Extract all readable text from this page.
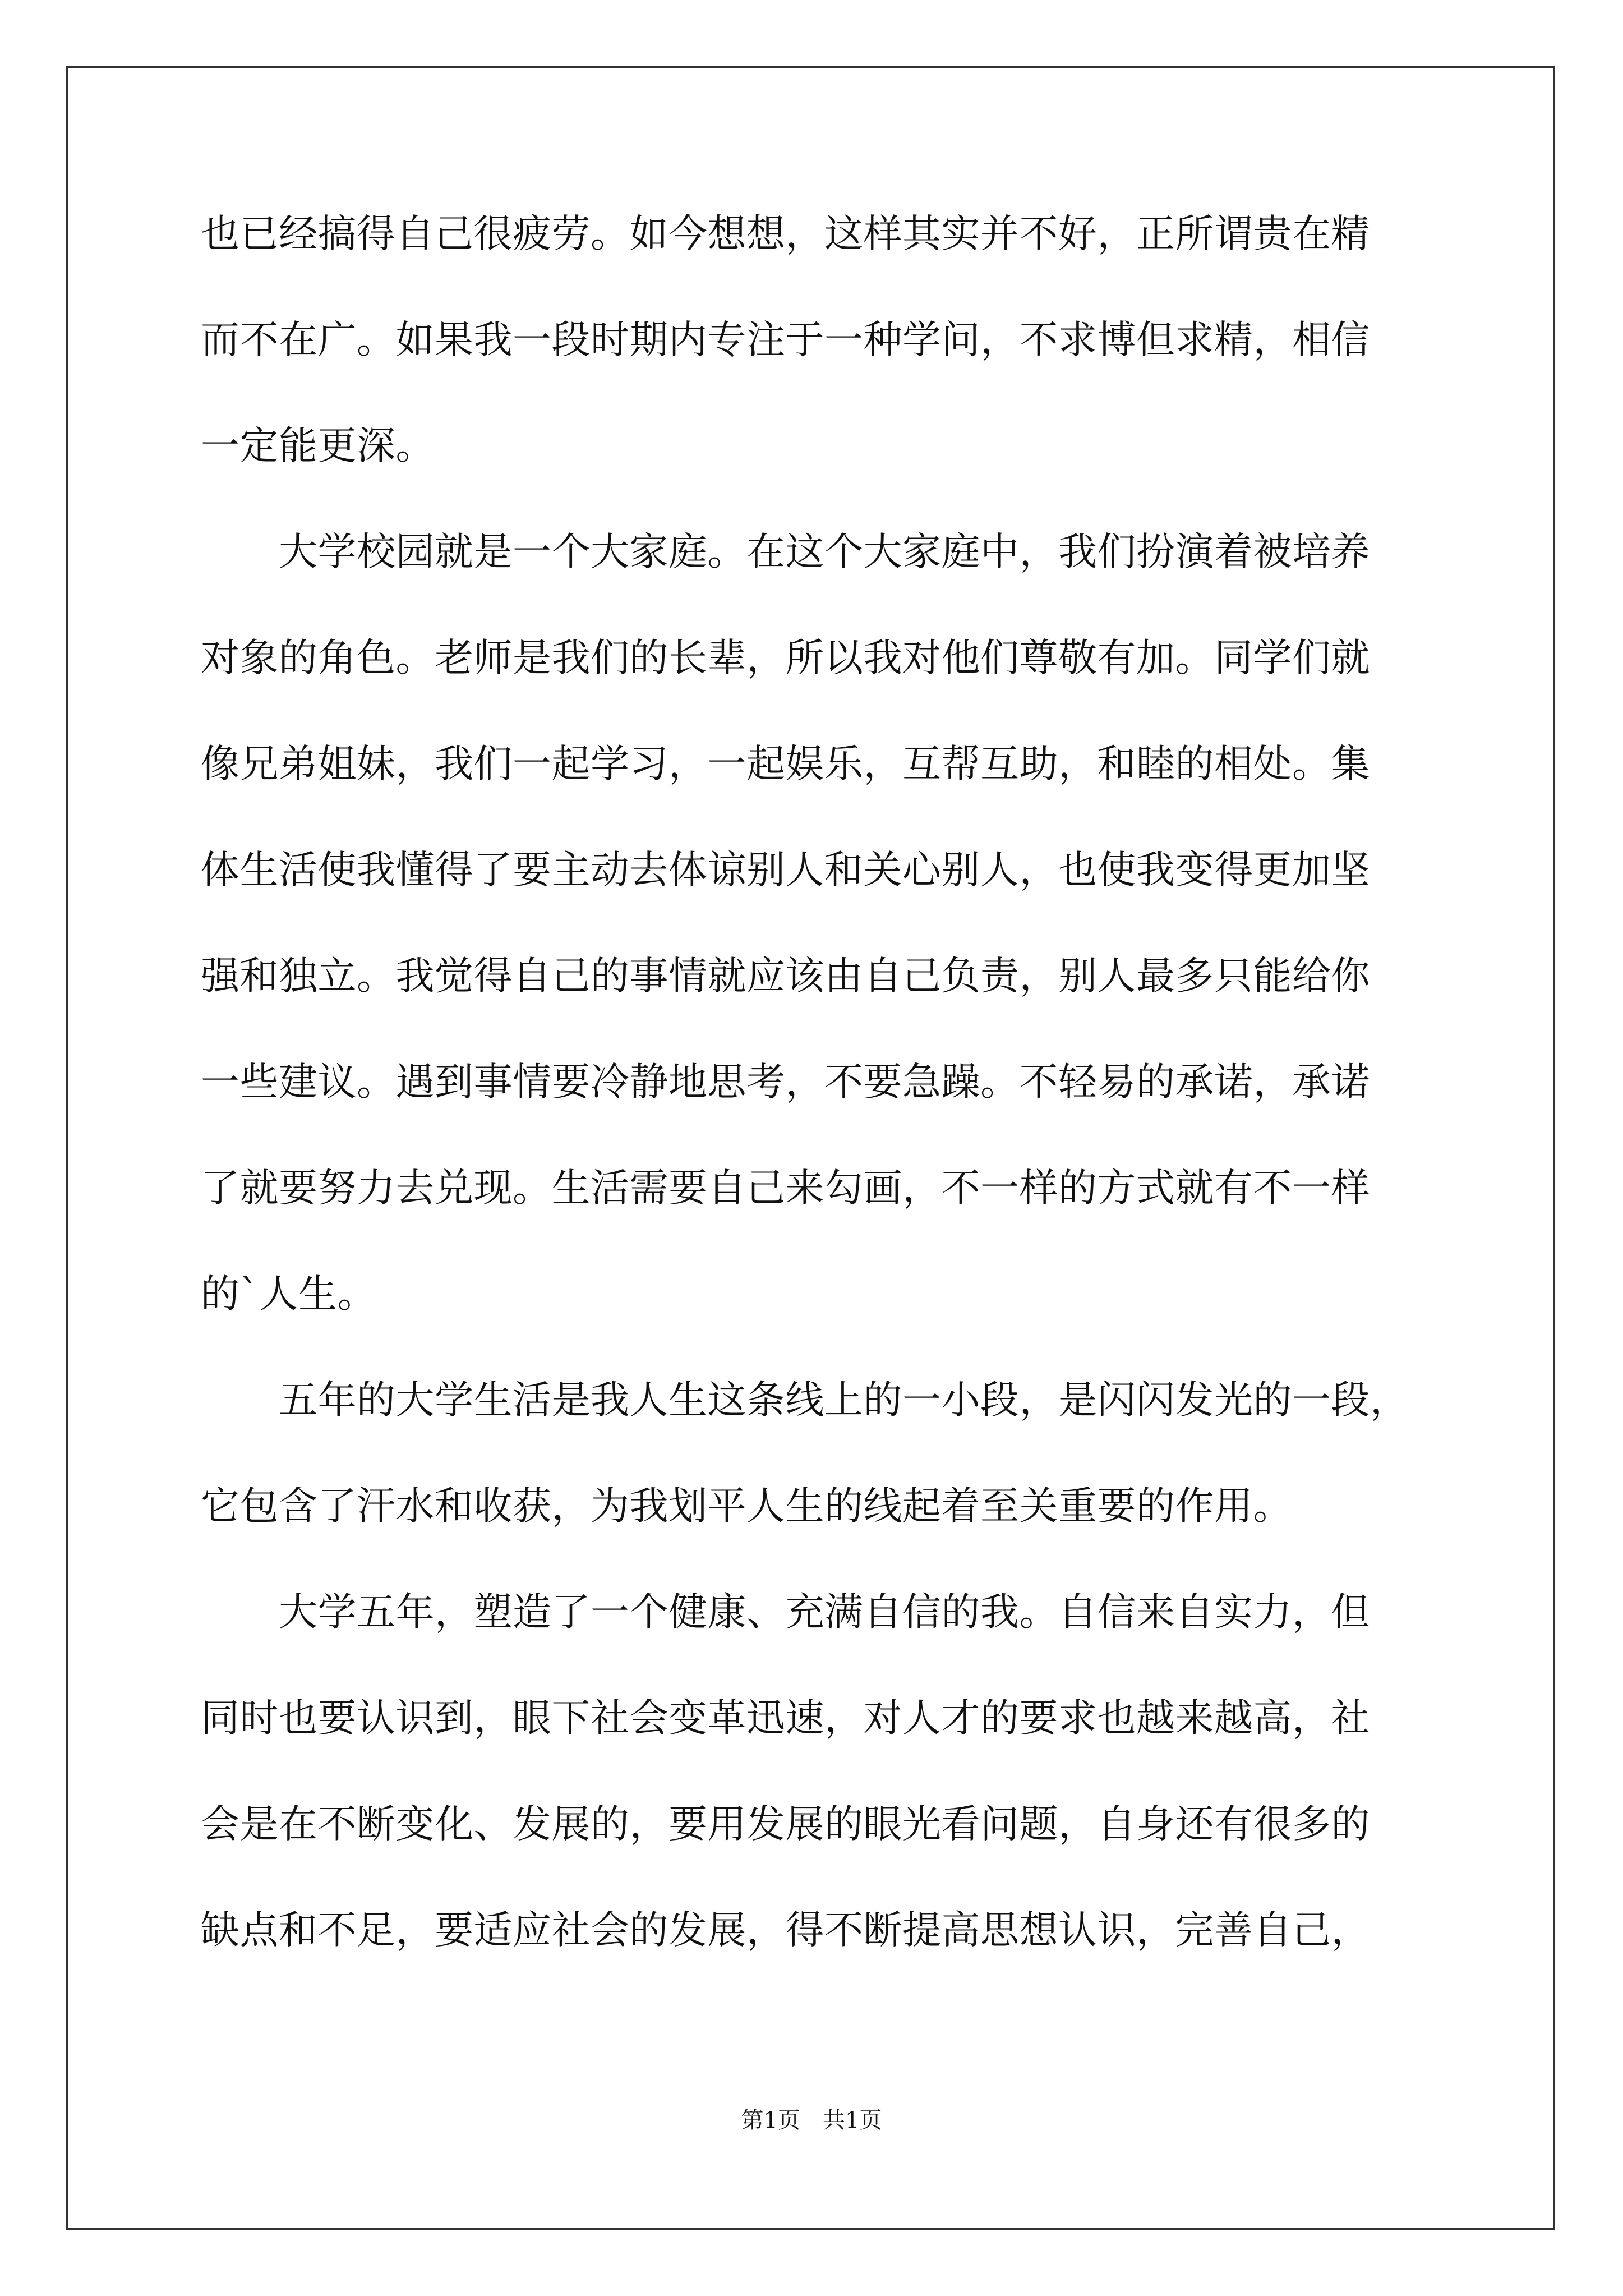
也已经搞得自己很疲劳。如今想想，这样其实并不好，正所谓贵在精
而不在广。如果我一段时期内专注于一种学问，不求博但求精，相信
一定能更深。
　　大学校园就是一个大家庭。在这个大家庭中，我们扮演着被培养
对象的角色。老师是我们的长辈，所以我对他们尊敬有加。同学们就
像兄弟姐妹，我们一起学习，一起娱乐，互帮互助，和睦的相处。集
体生活使我懂得了要主动去体谅别人和关心别人，也使我变得更加坚
强和独立。我觉得自己的事情就应该由自己负责，别人最多只能给你
一些建议。遇到事情要冷静地思考，不要急躁。不轻易的承诺，承诺
了就要努力去兑现。生活需要自己来勾画，不一样的方式就有不一样
的`人生。
　　五年的大学生活是我人生这条线上的一小段，是闪闪发光的一段，
它包含了汗水和收获，为我划平人生的线起着至关重要的作用。
　　大学五年，塑造了一个健康、充满自信的我。自信来自实力，但
同时也要认识到，眼下社会变革迅速，对人才的要求也越来越高，社
会是在不断变化、发展的，要用发展的眼光看问题，自身还有很多的
缺点和不足，要适应社会的发展，得不断提高思想认识，完善自己，
第1页　共1页
